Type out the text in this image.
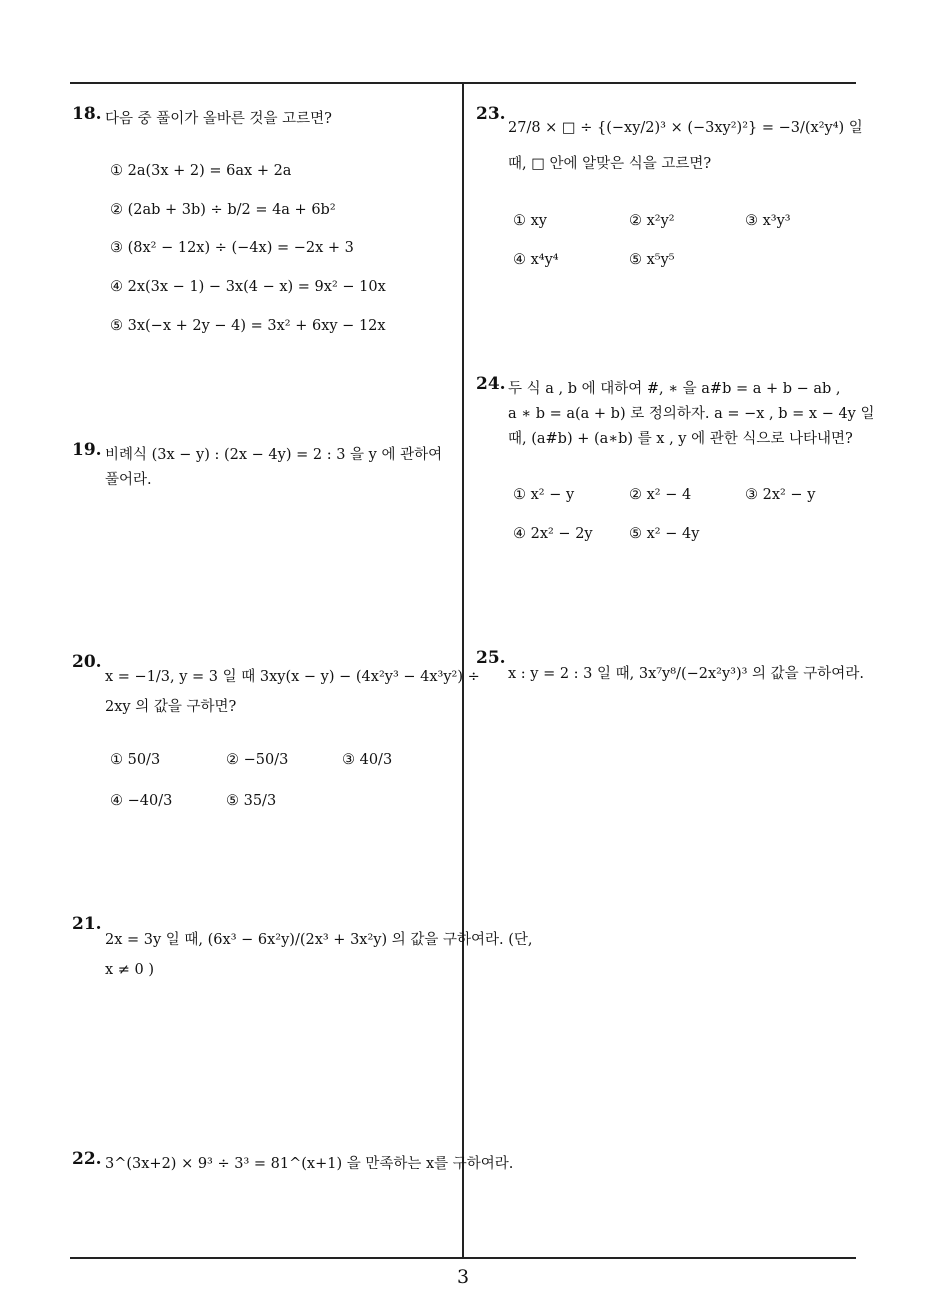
18. 다음 중 풀이가 올바른 것을 고르면?
① 2a(3x + 2) = 6ax + 2a
② (2ab + 3b) ÷ b/2 = 4a + 6b²
③ (8x² − 12x) ÷ (−4x) = −2x + 3
④ 2x(3x − 1) − 3x(4 − x) = 9x² − 10x
⑤ 3x(−x + 2y − 4) = 3x² + 6xy − 12x
19. 비례식 (3x − y) : (2x − 4y) = 2 : 3 을 y 에 관하여
풀어라.
20.
x = −1/3, y = 3 일 때 3xy(x − y) − (4x²y³ − 4x³y²) ÷
2xy 의 값을 구하면?
① 50/3	② −50/3	③ 40/3
④ −40/3	⑤ 35/3
21.
2x = 3y 일 때, (6x³ − 6x²y)/(2x³ + 3x²y) 의 값을 구하여라. (단,
x ≠ 0 )
22. 3^(3x+2) × 9³ ÷ 3³ = 81^(x+1) 을 만족하는 x를 구하여라.
23.
27/8 × □ ÷ {(−xy/2)³ × (−3xy²)²} = −3/(x²y⁴) 일
때, □ 안에 알맞은 식을 고르면?
① xy	② x²y²	③ x³y³
④ x⁴y⁴	⑤ x⁵y⁵
24. 두 식 a , b 에 대하여 #, ∗ 을 a#b = a + b − ab ,
a ∗ b = a(a + b) 로 정의하자. a = −x , b = x − 4y 일
때, (a#b) + (a∗b) 를 x , y 에 관한 식으로 나타내면?
① x² − y	② x² − 4	③ 2x² − y
④ 2x² − 2y	⑤ x² − 4y
25.
x : y = 2 : 3 일 때, 3x⁷y⁸/(−2x²y³)³ 의 값을 구하여라.
3
